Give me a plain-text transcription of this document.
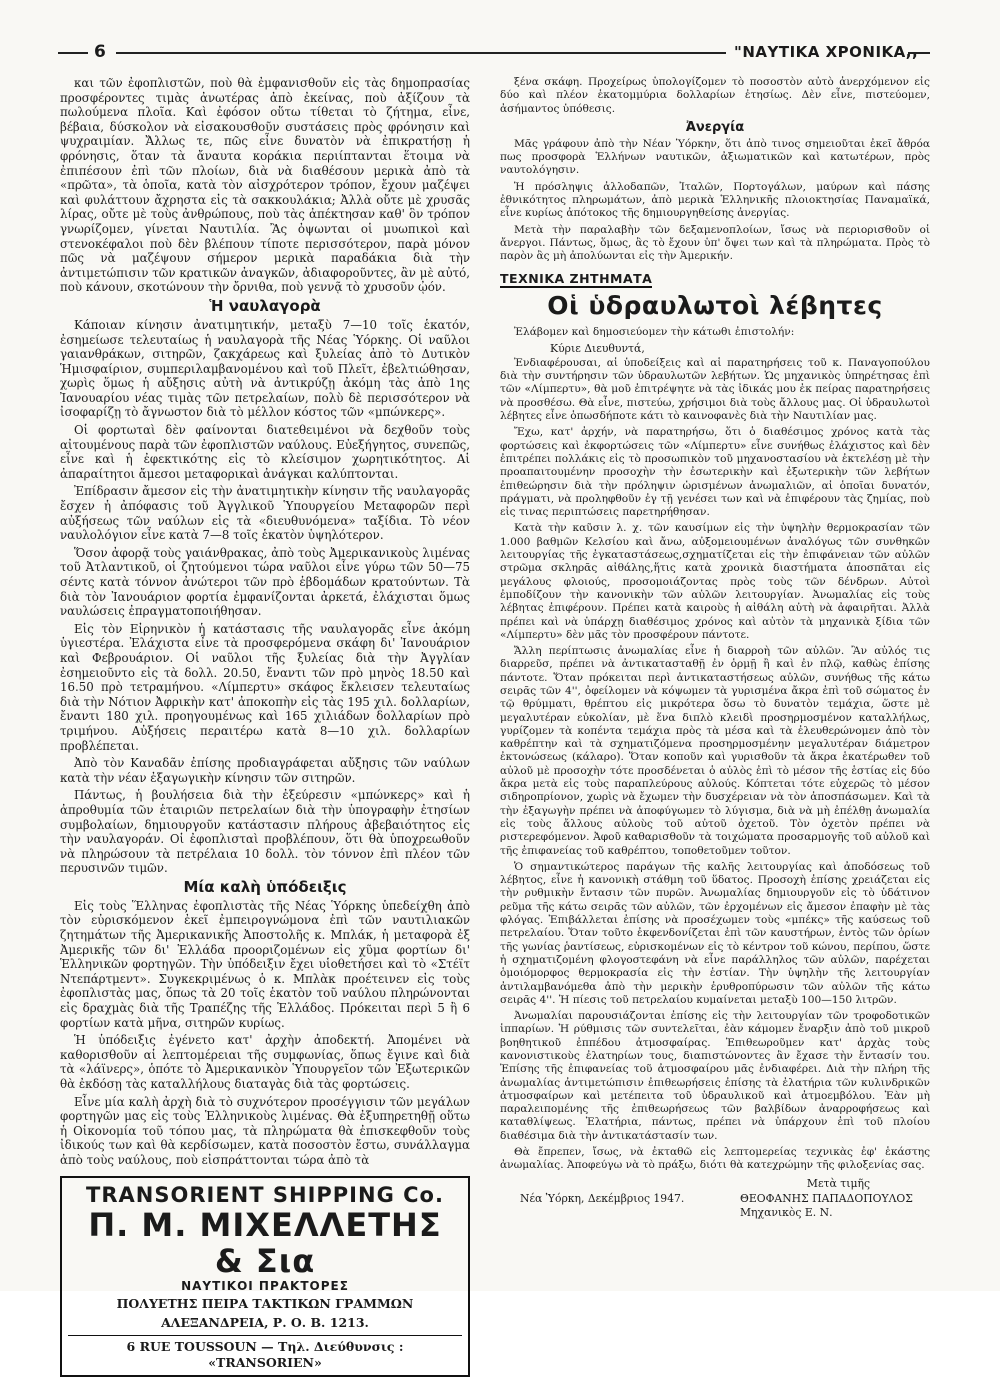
6	"ΝΑΥΤΙΚΑ ΧΡΟΝΙΚΑ,,

και τῶν ἐφοπλιστῶν, ποὺ θὰ ἐμφανισθοῦν εἰς τὰς δημοπρασίας προσφέροντες τιμὰς ἀνωτέρας ἀπὸ ἐκείνας, ποὺ ἀξίζουν τὰ πωλούμενα πλοῖα. Καὶ ἐφόσον οὕτω τίθεται τὸ ζήτημα, εἶνε, βέβαια, δύσκολον νὰ εἰσακουσθοῦν συστάσεις πρὸς φρόνησιν καὶ ψυχραιμίαν. Ἄλλως τε, πῶς εἶνε δυνατὸν νὰ ἐπικρατήσῃ ἡ φρόνησις, ὅταν τὰ ἄναυτα κοράκια περιίπτανται ἕτοιμα νὰ ἐπιπέσουν ἐπὶ τῶν πλοίων, διὰ νὰ διαθέσουν μερικὰ ἀπὸ τὰ «πρῶτα», τὰ ὁποῖα, κατὰ τὸν αἰσχρότερον τρόπον, ἔχουν μαζέψει καὶ φυλάττουν ἄχρηστα εἰς τὰ σακκουλάκια; Ἀλλὰ οὔτε μὲ χρυσᾶς λίρας, οὔτε μὲ τοὺς ἀνθρώπους, ποὺ τὰς ἀπέκτησαν καθ' ὃν τρόπον γνωρίζομεν, γίνεται Ναυτιλία. Ἂς ὀψωνται οἱ μυωπικοὶ καὶ στενοκέφαλοι ποὺ δὲν βλέπουν τίποτε περισσότερον, παρὰ μόνον πῶς νὰ μαζέψουν σήμερον μερικὰ παραδάκια διὰ τὴν ἀντιμετώπισιν τῶν κρατικῶν ἀναγκῶν, ἀδιαφοροῦντες, ἂν μὲ αὐτό, ποὺ κάνουν, σκοτώνουν τὴν ὄρνιθα, ποὺ γεννᾷ τὸ χρυσοῦν ᾠόν.

Ἡ ναυλαγορὰ

Κάποιαν κίνησιν ἀνατιμητικήν, μεταξὺ 7—10 τοῖς ἑκατόν, ἐσημείωσε τελευταίως ἡ ναυλαγορὰ τῆς Νέας Ὑόρκης. Οἱ ναῦλοι γαιανθράκων, σιτηρῶν, ζακχάρεως καὶ ξυλείας ἀπὸ τὸ Δυτικὸν Ἡμισφαίριον, συμπεριλαμβανομένου καὶ τοῦ Πλεῖτ, ἐβελτιώθησαν, χωρὶς ὅμως ἡ αὔξησις αὐτὴ νὰ ἀντικρύζῃ ἀκόμη τὰς ἀπὸ 1ης Ἰανουαρίου νέας τιμὰς τῶν πετρελαίων, πολὺ δὲ περισσότερον νὰ ἰσοφαρίζῃ τὸ ἄγνωστον διὰ τὸ μέλλον κόστος τῶν «μπώνκερς».

Οἱ φορτωταὶ δὲν φαίνονται διατεθειμένοι νὰ δεχθοῦν τοὺς αἰτουμένους παρὰ τῶν ἐφοπλιστῶν ναύλους. Εὐεξήγητος, συνεπῶς, εἶνε καὶ ἡ ἐφεκτικότης εἰς τὸ κλείσιμον χωρητικότητος. Αἱ ἀπαραίτητοι ἄμεσοι μεταφορικαὶ ἀνάγκαι καλύπτονται.

Ἐπίδρασιν ἄμεσον εἰς τὴν ἀνατιμητικὴν κίνησιν τῆς ναυλαγορᾶς ἔσχεν ἡ ἀπόφασις τοῦ Ἀγγλικοῦ Ὑπουργείου Μεταφορῶν περὶ αὐξήσεως τῶν ναύλων εἰς τὰ «διευθυνόμενα» ταξίδια. Τὸ νέον ναυλολόγιον εἶνε κατὰ 7—8 τοῖς ἑκατὸν ὑψηλότερον.

Ὅσον ἀφορᾷ τοὺς γαιάνθρακας, ἀπὸ τοὺς Ἀμερικανικοὺς λιμένας τοῦ Ἀτλαντικοῦ, οἱ ζητούμενοι τώρα ναῦλοι εἶνε γύρω τῶν 50—75 σέντς κατὰ τόννον ἀνώτεροι τῶν πρὸ ἑβδομάδων κρατούντων. Τὰ διὰ τὸν Ἰανουάριον φορτία ἐμφανίζονται ἀρκετά, ἐλάχισται ὅμως ναυλώσεις ἐπραγματοποιήθησαν.

Εἰς τὸν Εἰρηνικὸν ἡ κατάστασις τῆς ναυλαγορᾶς εἶνε ἀκόμη ὑγιεστέρα. Ἐλάχιστα εἶνε τὰ προσφερόμενα σκάφη δι' Ἰανουάριον καὶ Φεβρουάριον. Οἱ ναῦλοι τῆς ξυλείας διὰ τὴν Ἀγγλίαν ἐσημειοῦντο εἰς τὰ δολλ. 20.50, ἔναντι τῶν πρὸ μηνὸς 18.50 καὶ 16.50 πρὸ τετραμήνου. «Λίμπερτυ» σκάφος ἔκλεισεν τελευταίως διὰ τὴν Νότιον Ἀφρικὴν κατ' ἀποκοπὴν εἰς τὰς 195 χιλ. δολλαρίων, ἔναντι 180 χιλ. προηγουμένως καὶ 165 χιλιάδων δολλαρίων πρὸ τριμήνου. Αὐξήσεις περαιτέρω κατὰ 8—10 χιλ. δολλαρίων προβλέπεται.

Ἀπὸ τὸν Καναδᾶν ἐπίσης προδιαγράφεται αὔξησις τῶν ναύλων κατὰ τὴν νέαν ἐξαγωγικὴν κίνησιν τῶν σιτηρῶν.

Πάντως, ἡ βουλήσεια διὰ τὴν ἐξεύρεσιν «μπώνκερς» καὶ ἡ ἀπροθυμία τῶν ἑταιριῶν πετρελαίων διὰ τὴν ὑπογραφὴν ἐτησίων συμβολαίων, δημιουργοῦν κατάστασιν πλήρους ἀβεβαιότητος εἰς τὴν ναυλαγοράν. Οἱ ἐφοπλισταὶ προβλέπουν, ὅτι θὰ ὑποχρεωθοῦν νὰ πληρώσουν τὰ πετρέλαια 10 δολλ. τὸν τόννον ἐπὶ πλέον τῶν περυσινῶν τιμῶν.

Μία καλὴ ὑπόδειξις

Εἰς τοὺς Ἕλληνας ἐφοπλιστὰς τῆς Νέας Ὑόρκης ὑπεδείχθη ἀπὸ τὸν εὐρισκόμενον ἐκεῖ ἐμπειρογνώμονα ἐπὶ τῶν ναυτιλιακῶν ζητημάτων τῆς Ἀμερικανικῆς Ἀποστολῆς κ. Μπλάκ, ἡ μεταφορὰ ἐξ Ἀμερικῆς τῶν δι' Ἑλλάδα προοριζομένων εἰς χῦμα φορτίων δι' Ἑλληνικῶν φορτηγῶν. Τὴν ὑπόδειξιν ἔχει υἱοθετήσει καὶ τὸ «Στέϊτ Ντεπάρτμεντ». Συγκεκριμένως ὁ κ. Μπλὰκ προέτεινεν εἰς τοὺς ἐφοπλιστὰς μας, ὅπως τὰ 20 τοῖς ἑκατὸν τοῦ ναύλου πληρώνονται εἰς δραχμὰς διὰ τῆς Τραπέζης τῆς Ἑλλάδος. Πρόκειται περὶ 5 ἢ 6 φορτίων κατὰ μῆνα, σιτηρῶν κυρίως.

Ἡ ὑπόδειξις ἐγένετο κατ' ἀρχὴν ἀποδεκτή. Ἀπομένει νὰ καθορισθοῦν αἱ λεπτομέρειαι τῆς συμφωνίας, ὅπως ἔγινε καὶ διὰ τὰ «λάϊνερς», ὁπότε τὸ Ἀμερικανικὸν Ὑπουργεῖον τῶν Ἐξωτερικῶν θὰ ἐκδόσῃ τὰς καταλλήλους διαταγὰς διὰ τὰς φορτώσεις.

Εἶνε μία καλὴ ἀρχὴ διὰ τὸ συχνότερον προσέγγισιν τῶν μεγάλων φορτηγῶν μας εἰς τοὺς Ἑλληνικοὺς λιμένας. Θὰ ἐξυπηρετηθῇ οὕτω ἡ Οἰκονομία τοῦ τόπου μας, τὰ πληρώματα θὰ ἐπισκεφθοῦν τοὺς ἰδικούς των καὶ θὰ κερδίσωμεν, κατὰ ποσοστὸν ἔστω, συνάλλαγμα ἀπὸ τοὺς ναύλους, ποὺ εἰσπράττονται τώρα ἀπὸ τὰ

TRANSORIENT SHIPPING Co.
Π. Μ. ΜΙΧΕΛΛΕΤΗΣ & Σια
ΝΑΥΤΙΚΟΙ ΠΡΑΚΤΟΡΕΣ
ΠΟΛΥΕΤΗΣ ΠΕΙΡΑ ΤΑΚΤΙΚΩΝ ΓΡΑΜΜΩΝ
ΑΛΕΞΑΝΔΡΕΙΑ, Ρ. Ο. Β. 1213.
6 RUE TOUSSOUN — Τηλ. Διεύθυνσις : «TRANSORIEN»

ξένα σκάφη. Προχείρως ὑπολογίζομεν τὸ ποσοστὸν αὐτὸ ἀνερχόμενον εἰς δύο καὶ πλέον ἑκατομμύρια δολλαρίων ἐτησίως. Δὲν εἶνε, πιστεύομεν, ἀσήμαντος ὑπόθεσις.

Ἀνεργία

Μᾶς γράφουν ἀπὸ τὴν Νέαν Ὑόρκην, ὅτι ἀπὸ τινος σημειοῦται ἐκεῖ ἄθρόα πως προσφορὰ Ἑλλήνων ναυτικῶν, ἀξιωματικῶν καὶ κατωτέρων, πρὸς ναυτολόγησιν.

Ἡ πρόσληψις ἀλλοδαπῶν, Ἰταλῶν, Πορτογάλων, μαύρων καὶ πάσης ἐθνικότητος πληρωμάτων, ἀπὸ μερικὰ Ἑλληνικῆς πλοιοκτησίας Παναμαϊκά, εἶνε κυρίως ἀπότοκος τῆς δημιουργηθείσης ἀνεργίας.

Μετὰ τὴν παραλαβὴν τῶν δεξαμενοπλοίων, ἴσως νὰ περιορισθοῦν οἱ ἄνεργοι. Πάντως, ὅμως, ἂς τὸ ἔχουν ὑπ' ὄψει των καὶ τὰ πληρώματα. Πρὸς τὸ παρὸν ἂς μὴ ἀπολύωνται εἰς τὴν Ἀμερικήν.

ΤΕΧΝΙΚΑ ΖΗΤΗΜΑΤΑ
Οἱ ὑδραυλωτοὶ λέβητες

Ἐλάβομεν καὶ δημοσιεύομεν τὴν κάτωθι ἐπιστολήν:

Κύριε Διευθυντά,

Ἐνδιαφέρουσαι, αἱ ὑποδείξεις καὶ αἱ παρατηρήσεις τοῦ κ. Παναγοπούλου διὰ τὴν συντήρησιν τῶν ὑδραυλωτῶν λεβήτων. Ὡς μηχανικὸς ὑπηρέτησας ἐπὶ τῶν «Λίμπερτυ», θὰ μοῦ ἐπιτρέψητε νὰ τὰς ἰδικάς μου ἐκ πείρας παρατηρήσεις νὰ προσθέσω. Θὰ εἶνε, πιστεύω, χρήσιμοι διὰ τοὺς ἄλλους μας. Οἱ ὑδραυλωτοὶ λέβητες εἶνε ὁπωσδήποτε κάτι τὸ καινοφανὲς διὰ τὴν Ναυτιλίαν μας.

Ἔχω, κατ' ἀρχήν, νὰ παρατηρήσω, ὅτι ὁ διαθέσιμος χρόνος κατὰ τὰς φορτώσεις καὶ ἐκφορτώσεις τῶν «Λίμπερτυ» εἶνε συνήθως ἐλάχιστος καὶ δὲν ἐπιτρέπει πολλάκις εἰς τὸ προσωπικὸν τοῦ μηχανοστασίου νὰ ἐκτελέσῃ μὲ τὴν προαπαιτουμένην προσοχὴν τὴν ἐσωτερικὴν καὶ ἐξωτερικὴν τῶν λεβήτων ἐπιθεώρησιν διὰ τὴν πρόληψιν ὡρισμένων ἀνωμαλιῶν, αἱ ὁποῖαι δυνατόν, πράγματι, νὰ προληφθοῦν ἐγ τῇ γενέσει των καὶ νὰ ἐπιφέρουν τὰς ζημίας, ποὺ εἰς τινας περιπτώσεις παρετηρήθησαν.

Κατὰ τὴν καῦσιν λ. χ. τῶν καυσίμων εἰς τὴν ὑψηλὴν θερμοκρασίαν τῶν 1.000 βαθμῶν Κελσίου καὶ ἄνω, αὐξομειουμένων ἀναλόγως τῶν συνθηκῶν λειτουργίας τῆς ἐγκαταστάσεως,σχηματίζεται εἰς τὴν ἐπιφάνειαν τῶν αὐλῶν στρῶμα σκληρᾶς αἰθάλης,ἥτις κατὰ χρονικὰ διαστήματα ἀποσπᾶται εἰς μεγάλους φλοιούς, προσομοιάζοντας πρὸς τοὺς τῶν δένδρων. Αὐτοὶ ἐμποδίζουν τὴν κανονικὴν τῶν αὐλῶν λειτουργίαν. Ἀνωμαλίας εἰς τοὺς λέβητας ἐπιφέρουν. Πρέπει κατὰ καιροὺς ἡ αἰθάλη αὐτὴ νὰ ἀφαιρῆται. Ἀλλὰ πρέπει καὶ νὰ ὑπάρχῃ διαθέσιμος χρόνος καὶ αὐτὸν τὰ μηχανικὰ ξίδια τῶν «Λίμπερτυ» δὲν μᾶς τὸν προσφέρουν πάντοτε.

Ἄλλη περίπτωσις ἀνωμαλίας εἶνε ἡ διαρροὴ τῶν αὐλῶν. Ἂν αὐλός τις διαρρεῦσ, πρέπει νὰ ἀντικατασταθῇ ἐν ὁρμῇ ἢ καὶ ἐν πλῷ, καθὼς ἐπίσης πάντοτε. Ὅταν πρόκειται περὶ ἀντικαταστήσεως αὐλῶν, συνήθως τῆς κάτω σειρᾶς τῶν 4'', ὀφείλομεν νὰ κόψωμεν τὰ γυρισμένα ἄκρα ἐπὶ τοῦ σώματος ἐν τῷ θρύμματι, θρέπτου εἰς μικρότερα ὅσω τὸ δυνατὸν τεμάχια, ὥστε μὲ μεγαλυτέραν εὐκολίαν, μὲ ἕνα διπλὸ κλειδὶ προσηρμοσμένον καταλλήλως, γυρίζομεν τὰ κοπέντα τεμάχια πρὸς τὰ μέσα καὶ τὰ ἐλευθερώνομεν ἀπὸ τὸν καθρέπτην καὶ τὰ σχηματιζόμενα προσηρμοσμένην μεγαλυτέραν διάμετρον ἐκτονώσεως (κάλαρο). Ὅταν κοποῦν καὶ γυρισθοῦν τὰ ἄκρα ἑκατέρωθεν τοῦ αὐλοῦ μὲ προσοχὴν τότε προσδένεται ὁ αὐλὸς ἐπὶ τὸ μέσον τῆς ἑστίας εἰς δύο ἄκρα μετὰ εἰς τοὺς παραπλεύρους αὐλούς. Κόπτεται τότε εὐχερῶς τὸ μέσον σιδηροπρίονον, χωρὶς νὰ ἔχωμεν τὴν δυσχέρειαν νὰ τὸν ἀποσπάσωμεν. Καὶ τὰ τὴν ἐξαγωγὴν πρέπει νὰ ἀποφύγωμεν τὸ λύγισμα, διὰ νὰ μὴ ἐπέλθῃ ἀνωμαλία εἰς τοὺς ἄλλους αὐλοὺς τοῦ αὐτοῦ ὀχετοῦ. Τὸν ὀχετὸν πρέπει νὰ ριστερεφόμενον. Ἀφοῦ καθαρισθοῦν τὰ τοιχώματα προσαρμογῆς τοῦ αὐλοῦ καὶ τῆς ἐπιφανείας τοῦ καθρέπτου, τοποθετοῦμεν τοῦτον.

Ὁ σημαντικώτερος παράγων τῆς καλῆς λειτουργίας καὶ ἀποδόσεως τοῦ λέβητος, εἶνε ἡ κανονικὴ στάθμη τοῦ ὕδατος. Προσοχὴ ἐπίσης χρειάζεται εἰς τὴν ρυθμικὴν ἔντασιν τῶν πυρῶν. Ἀνωμαλίας δημιουργοῦν εἰς τὸ ὑδάτινον ρεῦμα τῆς κάτω σειρᾶς τῶν αὐλῶν, τῶν ἐρχομένων εἰς ἄμεσον ἐπαφὴν μὲ τὰς φλόγας. Ἐπιβάλλεται ἐπίσης νὰ προσέχωμεν τοὺς «μπέκς» τῆς καύσεως τοῦ πετρελαίου. Ὅταν τοῦτο ἐκφενδονίζεται ἐπὶ τῶν καυστήρων, ἐντὸς τῶν ὁρίων τῆς γωνίας ῥαντίσεως, εὑρισκομένων εἰς τὸ κέντρον τοῦ κώνου, περίπου, ὥστε ἡ σχηματιζομένη φλογοστεφάνη νὰ εἶνε παράλληλος τῶν αὐλῶν, παρέχεται ὁμοιόμορφος θερμοκρασία εἰς τὴν ἑστίαν. Τὴν ὑψηλὴν τῆς λειτουργίαν ἀντιλαμβανόμεθα ἀπὸ τὴν μερικὴν ἐρυθροπύρωσιν τῶν αὐλῶν τῆς κάτω σειρᾶς 4''. Ἡ πίεσις τοῦ πετρελαίου κυμαίνεται μεταξὺ 100—150 λιτρῶν.

Ἀνωμαλίαι παρουσιάζονται ἐπίσης εἰς τὴν λειτουργίαν τῶν τροφοδοτικῶν ἱππαρίων. Ἡ ρύθμισις τῶν συντελεῖται, ἐὰν κάμομεν ἔναρξιν ἀπὸ τοῦ μικροῦ βοηθητικοῦ ἐππέδου ἀτμοσφαίρας. Ἐπιθεωροῦμεν κατ' ἀρχὰς τοὺς κανονιστικοὺς ἐλατηρίων τους, διαπιστώνοντες ἂν ἔχασε τὴν ἔντασίν του. Ἐπίσης τῆς ἐπιφανείας τοῦ ἀτμοσφαίρου μᾶς ἐνδιαφέρει. Διὰ τὴν πλήρη τῆς ἀνωμαλίας ἀντιμετώπισιν ἐπιθεωρήσεις ἐπίσης τὰ ἐλατήρια τῶν κυλινδρικῶν ἀτμοσφαίρων καὶ μετέπειτα τοῦ ὑδραυλικοῦ καὶ ἀτμοεμβόλου. Ἐὰν μὴ παραλειπομένης τῆς ἐπιθεωρήσεως τῶν βαλβίδων ἀναρροφήσεως καὶ καταθλίψεως. Ἐλατήρια, πάντως, πρέπει νὰ ὑπάρχουν ἐπὶ τοῦ πλοίου διαθέσιμα διὰ τὴν ἀντικατάστασίν των.

Θὰ ἔπρεπεν, ἴσως, νὰ ἐκταθῶ εἰς λεπτομερείας τεχνικὰς ἐφ' ἑκάστης ἀνωμαλίας. Ἀποφεύγω νὰ τὸ πράξω, διότι θὰ κατεχρώμην τῆς φιλοξενίας σας.

Μετὰ τιμῆς
Νέα Ὑόρκη, Δεκέμβριος 1947.	ΘΕΟΦΑΝΗΣ ΠΑΠΑΔΟΠΟΥΛΟΣ
Μηχανικὸς Ε. Ν.
